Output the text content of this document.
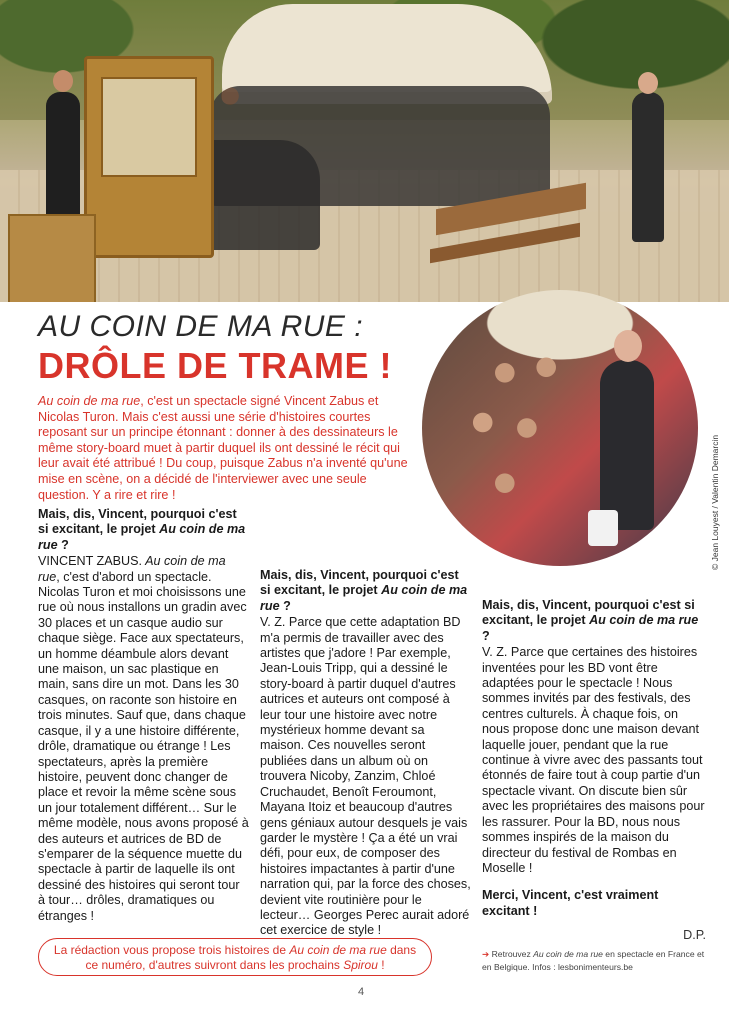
© Jean Louyest / Valentin Demarcin
AU COIN DE MA RUE :
DRÔLE DE TRAME !
Au coin de ma rue, c'est un spectacle signé Vincent Zabus et Nicolas Turon. Mais c'est aussi une série d'histoires courtes reposant sur un principe étonnant : donner à des dessinateurs le même story-board muet à partir duquel ils ont dessiné le récit qui leur avait été attribué ! Du coup, puisque Zabus n'a inventé qu'une mise en scène, on a décidé de l'interviewer avec une seule question. Y a rire et rire !
Mais, dis, Vincent, pourquoi c'est si excitant, le projet Au coin de ma rue ?

VINCENT ZABUS. Au coin de ma rue, c'est d'abord un spectacle. Nicolas Turon et moi choisissons une rue où nous installons un gradin avec 30 places et un casque audio sur chaque siège. Face aux spectateurs, un homme déambule alors devant une maison, un sac plastique en main, sans dire un mot. Dans les 30 casques, on raconte son histoire en trois minutes. Sauf que, dans chaque casque, il y a une histoire différente, drôle, dramatique ou étrange ! Les spectateurs, après la première histoire, peuvent donc changer de place et revoir la même scène sous un jour totalement différent… Sur le même modèle, nous avons proposé à des auteurs et autrices de BD de s'emparer de la séquence muette du spectacle à partir de laquelle ils ont dessiné des histoires qui seront tour à tour… drôles, dramatiques ou étranges !

Mais, dis, Vincent, pourquoi c'est si excitant, le projet Au coin de ma rue ?

V. Z. Parce que cette adaptation BD m'a permis de travailler avec des artistes que j'adore ! Par exemple, Jean-Louis Tripp, qui a dessiné le story-board à partir duquel d'autres autrices et auteurs ont composé à leur tour une histoire avec notre mystérieux homme devant sa maison. Ces nouvelles seront publiées dans un album où on trouvera Nicoby, Zanzim, Chloé Cruchaudet, Benoît Feroumont, Mayana Itoiz et beaucoup d'autres gens géniaux autour desquels je vais garder le mystère ! Ça a été un vrai défi, pour eux, de composer des histoires impactantes à partir d'une narration qui, par la force des choses, devient vite routinière pour le lecteur… Georges Perec aurait adoré cet exercice de style !

Mais, dis, Vincent, pourquoi c'est si excitant, le projet Au coin de ma rue ?

V. Z. Parce que certaines des histoires inventées pour les BD vont être adaptées pour le spectacle ! Nous sommes invités par des festivals, des centres culturels. À chaque fois, on nous propose donc une maison devant laquelle jouer, pendant que la rue continue à vivre avec des passants tout étonnés de faire tout à coup partie d'un spectacle vivant. On discute bien sûr avec les propriétaires des maisons pour les rassurer. Pour la BD, nous nous sommes inspirés de la maison du directeur du festival de Rombas en Moselle !

Merci, Vincent, c'est vraiment excitant !
D.P.
➔ Retrouvez Au coin de ma rue en spectacle en France et en Belgique. Infos : lesbonimenteurs.be
La rédaction vous propose trois histoires de Au coin de ma rue dans ce numéro, d'autres suivront dans les prochains Spirou !
4
